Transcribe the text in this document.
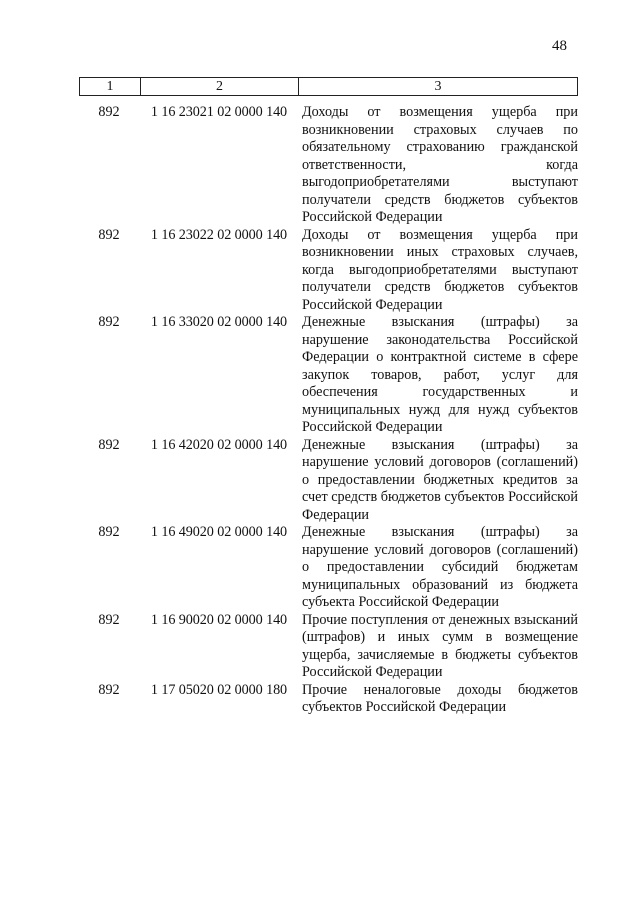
48
1	2	3
892	1 16 23021 02 0000 140	Доходы от возмещения ущерба при возникновении страховых случаев по обязательному страхованию гражданской ответственности, когда выгодоприобретателями выступают получатели средств бюджетов субъектов Российской Федерации
892	1 16 23022 02 0000 140	Доходы от возмещения ущерба при возникновении иных страховых случаев, когда выгодоприобретателями выступают получатели средств бюджетов субъектов Российской Федерации
892	1 16 33020 02 0000 140	Денежные взыскания (штрафы) за нарушение законодательства Российской Федерации о контрактной системе в сфере закупок товаров, работ, услуг для обеспечения государственных и муниципальных нужд для нужд субъектов Российской Федерации
892	1 16 42020 02 0000 140	Денежные взыскания (штрафы) за нарушение условий договоров (соглашений) о предоставлении бюджетных кредитов за счет средств бюджетов субъектов Российской Федерации
892	1 16 49020 02 0000 140	Денежные взыскания (штрафы) за нарушение условий договоров (соглашений) о предоставлении субсидий бюджетам муниципальных образований из бюджета субъекта Российской Федерации
892	1 16 90020 02 0000 140	Прочие поступления от денежных взысканий (штрафов) и иных сумм в возмещение ущерба, зачисляемые в бюджеты субъектов Российской Федерации
892	1 17 05020 02 0000 180	Прочие неналоговые доходы бюджетов субъектов Российской Федерации
